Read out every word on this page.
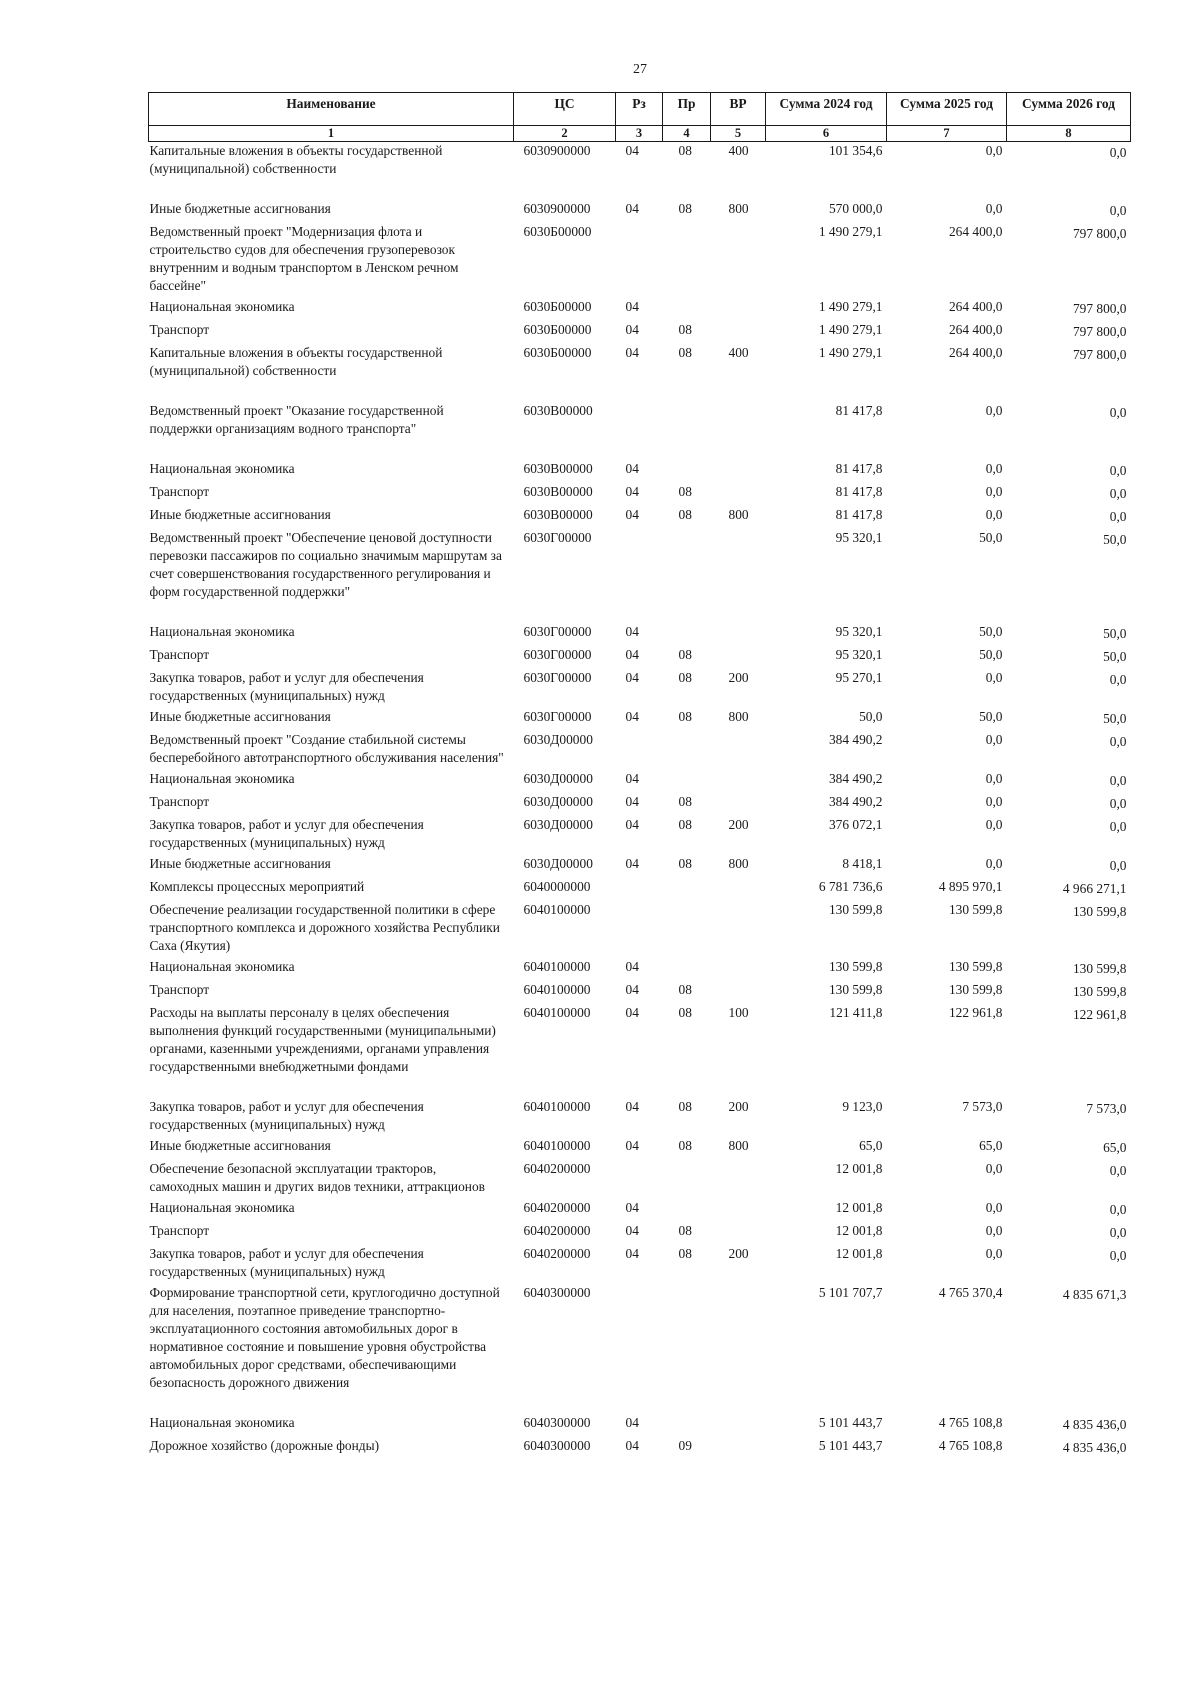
27
Наименование	ЦС	Рз	Пр	ВР	Сумма 2024 год	Сумма 2025 год	Сумма 2026 год
1	2	3	4	5	6	7	8
Капитальные вложения в объекты государственной (муниципальной) собственности	6030900000	04	08	400	101 354,6	0,0	0,0
Иные бюджетные ассигнования	6030900000	04	08	800	570 000,0	0,0	0,0
Ведомственный проект "Модернизация флота и строительство судов для обеспечения грузоперевозок внутренним и водным транспортом в Ленском речном бассейне"	6030Б00000				1 490 279,1	264 400,0	797 800,0
Национальная экономика	6030Б00000	04			1 490 279,1	264 400,0	797 800,0
Транспорт	6030Б00000	04	08		1 490 279,1	264 400,0	797 800,0
Капитальные вложения в объекты государственной (муниципальной) собственности	6030Б00000	04	08	400	1 490 279,1	264 400,0	797 800,0
Ведомственный проект "Оказание государственной поддержки организациям водного транспорта"	6030В00000				81 417,8	0,0	0,0
Национальная экономика	6030В00000	04			81 417,8	0,0	0,0
Транспорт	6030В00000	04	08		81 417,8	0,0	0,0
Иные бюджетные ассигнования	6030В00000	04	08	800	81 417,8	0,0	0,0
Ведомственный проект "Обеспечение ценовой доступности перевозки пассажиров по социально значимым маршрутам за счет совершенствования государственного регулирования и форм государственной поддержки"	6030Г00000				95 320,1	50,0	50,0
Национальная экономика	6030Г00000	04			95 320,1	50,0	50,0
Транспорт	6030Г00000	04	08		95 320,1	50,0	50,0
Закупка товаров, работ и услуг для обеспечения государственных (муниципальных) нужд	6030Г00000	04	08	200	95 270,1	0,0	0,0
Иные бюджетные ассигнования	6030Г00000	04	08	800	50,0	50,0	50,0
Ведомственный проект "Создание стабильной системы бесперебойного автотранспортного обслуживания населения"	6030Д00000				384 490,2	0,0	0,0
Национальная экономика	6030Д00000	04			384 490,2	0,0	0,0
Транспорт	6030Д00000	04	08		384 490,2	0,0	0,0
Закупка товаров, работ и услуг для обеспечения государственных (муниципальных) нужд	6030Д00000	04	08	200	376 072,1	0,0	0,0
Иные бюджетные ассигнования	6030Д00000	04	08	800	8 418,1	0,0	0,0
Комплексы процессных мероприятий	6040000000				6 781 736,6	4 895 970,1	4 966 271,1
Обеспечение реализации государственной политики в сфере транспортного комплекса и дорожного хозяйства Республики Саха (Якутия)	6040100000				130 599,8	130 599,8	130 599,8
Национальная экономика	6040100000	04			130 599,8	130 599,8	130 599,8
Транспорт	6040100000	04	08		130 599,8	130 599,8	130 599,8
Расходы на выплаты персоналу в целях обеспечения выполнения функций государственными (муниципальными) органами, казенными учреждениями, органами управления государственными внебюджетными фондами	6040100000	04	08	100	121 411,8	122 961,8	122 961,8
Закупка товаров, работ и услуг для обеспечения государственных (муниципальных) нужд	6040100000	04	08	200	9 123,0	7 573,0	7 573,0
Иные бюджетные ассигнования	6040100000	04	08	800	65,0	65,0	65,0
Обеспечение безопасной эксплуатации тракторов, самоходных машин и других видов техники, аттракционов	6040200000				12 001,8	0,0	0,0
Национальная экономика	6040200000	04			12 001,8	0,0	0,0
Транспорт	6040200000	04	08		12 001,8	0,0	0,0
Закупка товаров, работ и услуг для обеспечения государственных (муниципальных) нужд	6040200000	04	08	200	12 001,8	0,0	0,0
Формирование транспортной сети, круглогодично доступной для населения, поэтапное приведение транспортно-эксплуатационного состояния автомобильных дорог в нормативное состояние и повышение уровня обустройства автомобильных дорог средствами, обеспечивающими безопасность дорожного движения	6040300000				5 101 707,7	4 765 370,4	4 835 671,3
Национальная экономика	6040300000	04			5 101 443,7	4 765 108,8	4 835 436,0
Дорожное хозяйство (дорожные фонды)	6040300000	04	09		5 101 443,7	4 765 108,8	4 835 436,0
